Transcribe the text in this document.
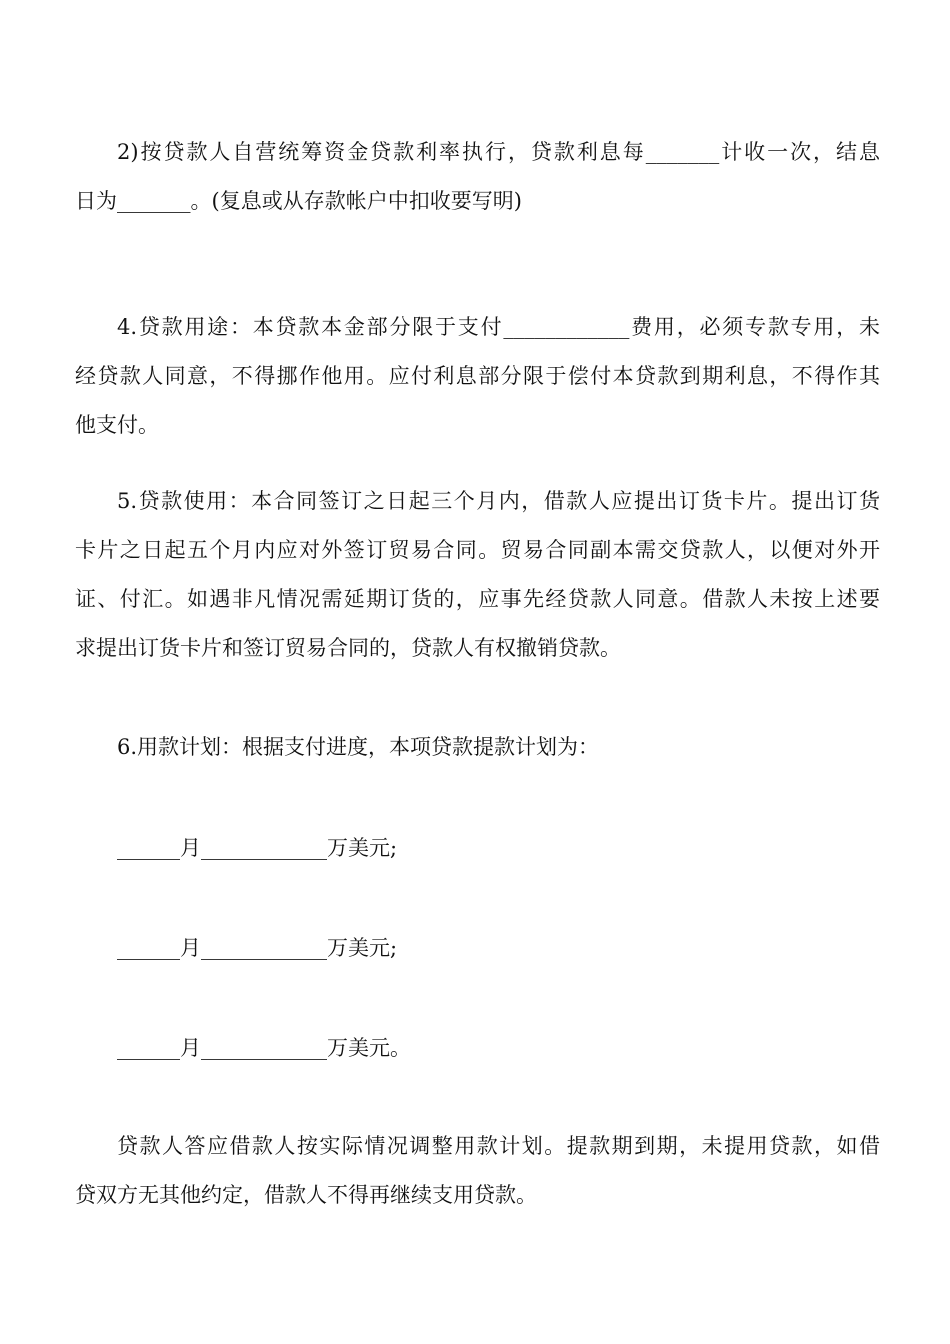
2)按贷款人自营统筹资金贷款利率执行，贷款利息每_______计收一次，结息
日为_______。(复息或从存款帐户中扣收要写明)
4.贷款用途：本贷款本金部分限于支付____________费用，必须专款专用，未
经贷款人同意，不得挪作他用。应付利息部分限于偿付本贷款到期利息，不得作其
他支付。
5.贷款使用：本合同签订之日起三个月内，借款人应提出订货卡片。提出订货
卡片之日起五个月内应对外签订贸易合同。贸易合同副本需交贷款人，以便对外开
证、付汇。如遇非凡情况需延期订货的，应事先经贷款人同意。借款人未按上述要
求提出订货卡片和签订贸易合同的，贷款人有权撤销贷款。
6.用款计划：根据支付进度，本项贷款提款计划为：

______月____________万美元;

______月____________万美元;

______月____________万美元。

贷款人答应借款人按实际情况调整用款计划。提款期到期，未提用贷款，如借
贷双方无其他约定，借款人不得再继续支用贷款。
